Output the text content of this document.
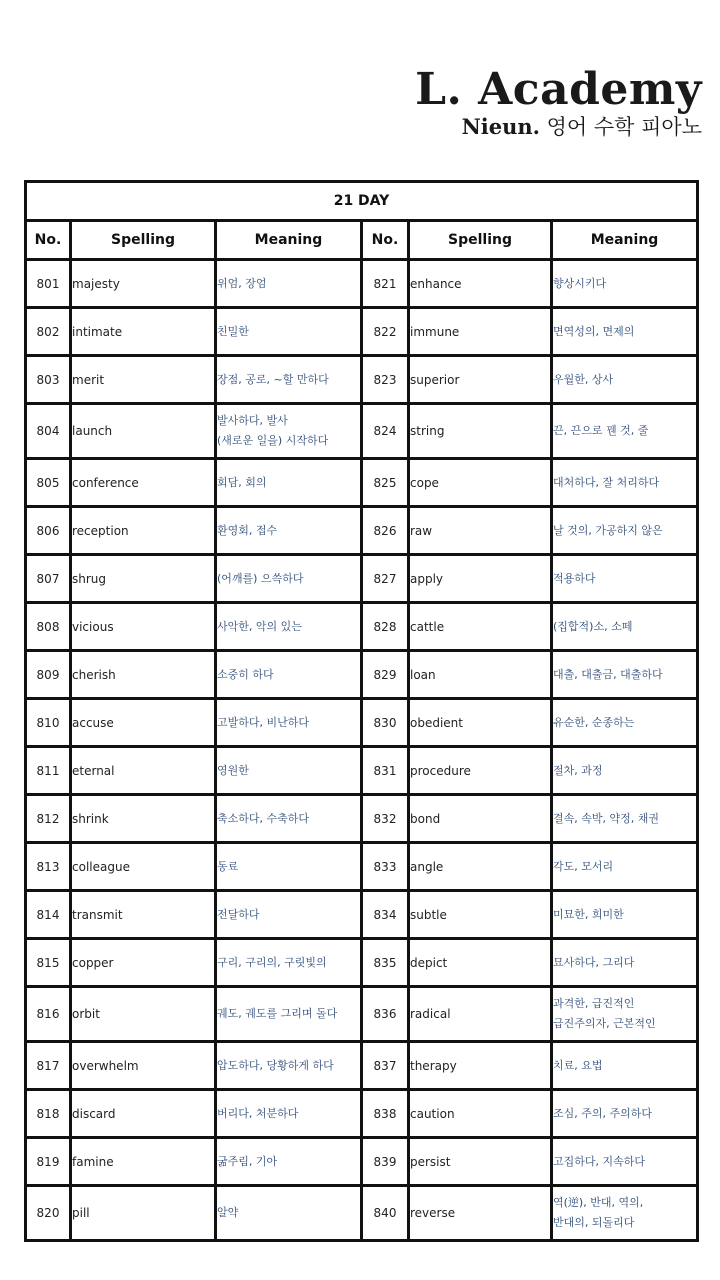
L. Academy
Nieun. 영어 수학 피아노
21 DAY					
No.	Spelling	Meaning	No.	Spelling	Meaning
801	majesty	위엄, 장엄	821	enhance	향상시키다
802	intimate	친밀한	822	immune	면역성의, 면제의
803	merit	장점, 공로, ~할 만하다	823	superior	우월한, 상사
804	launch	발사하다, 발사
(새로운 일을) 시작하다	824	string	끈, 끈으로 꿴 것, 줄
805	conference	회담, 회의	825	cope	대처하다, 잘 처리하다
806	reception	환영회, 접수	826	raw	날 것의, 가공하지 않은
807	shrug	(어깨를) 으쓱하다	827	apply	적용하다
808	vicious	사악한, 악의 있는	828	cattle	(집합적)소, 소떼
809	cherish	소중히 하다	829	loan	대출, 대출금, 대출하다
810	accuse	고발하다, 비난하다	830	obedient	유순한, 순종하는
811	eternal	영원한	831	procedure	절차, 과정
812	shrink	축소하다, 수축하다	832	bond	결속, 속박, 약정, 채권
813	colleague	동료	833	angle	각도, 모서리
814	transmit	전달하다	834	subtle	미묘한, 희미한
815	copper	구리, 구리의, 구릿빛의	835	depict	묘사하다, 그리다
816	orbit	궤도, 궤도를 그리며 돌다	836	radical	과격한, 급진적인
급진주의자, 근본적인
817	overwhelm	압도하다, 당황하게 하다	837	therapy	치료, 요법
818	discard	버리다, 처분하다	838	caution	조심, 주의, 주의하다
819	famine	굶주림, 기아	839	persist	고집하다, 지속하다
820	pill	알약	840	reverse	역(逆), 반대, 역의,
반대의, 되돌리다
